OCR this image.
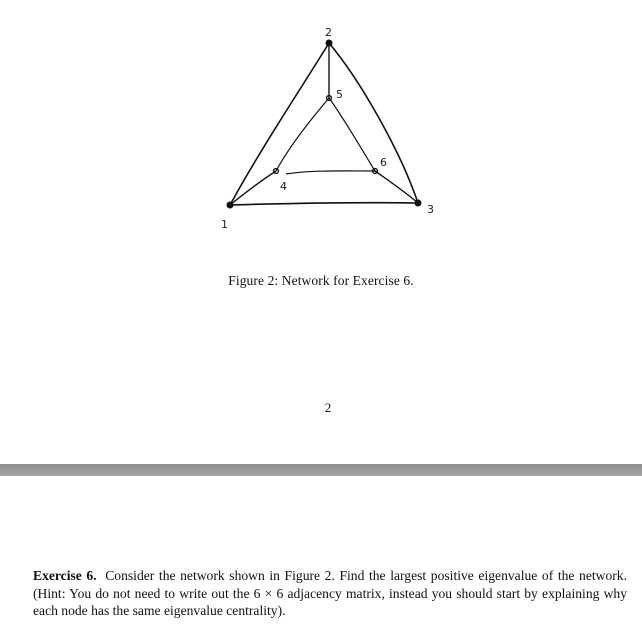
1
2
3
4
5
6
Figure 2: Network for Exercise 6.
2

Exercise 6. Consider the network shown in Figure 2. Find the largest positive eigenvalue of the network. (Hint: You do not need to write out the 6 × 6 adjacency matrix, instead you should start by explaining why each node has the same eigenvalue centrality).
